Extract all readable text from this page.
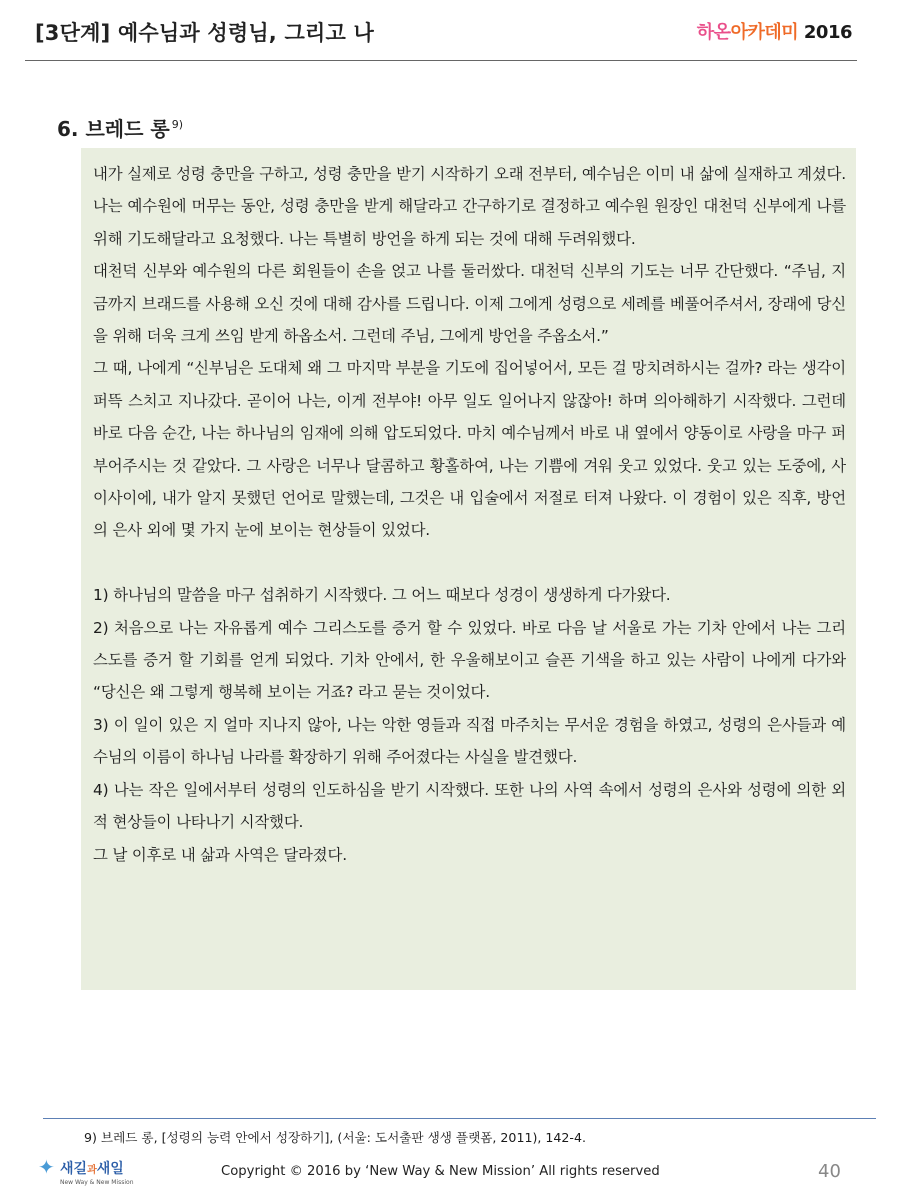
[3단계] 예수님과 성령님, 그리고 나	하온아카데미 2016
6. 브레드 롱 $^{9)}$

내가 실제로 성령 충만을 구하고, 성령 충만을 받기 시작하기 오래 전부터, 예수님은 이미 내 삶에 실재하고 계셨다. 나는 예수원에 머무는 동안, 성령 충만을 받게 해달라고 간구하기로 결정하고 예수원 원장인 대천덕 신부에게 나를 위해 기도해달라고 요청했다. 나는 특별히 방언을 하게 되는 것에 대해 두려워했다.

대천덕 신부와 예수원의 다른 회원들이 손을 얹고 나를 둘러쌌다. 대천덕 신부의 기도는 너무 간단했다. “주님, 지금까지 브래드를 사용해 오신 것에 대해 감사를 드립니다. 이제 그에게 성령으로 세례를 베풀어주셔서, 장래에 당신을 위해 더욱 크게 쓰임 받게 하옵소서. 그런데 주님, 그에게 방언을 주옵소서.”

그 때, 나에게 “신부님은 도대체 왜 그 마지막 부분을 기도에 집어넣어서, 모든 걸 망치려하시는 걸까? 라는 생각이 퍼뜩 스치고 지나갔다. 곧이어 나는, 이게 전부야! 아무 일도 일어나지 않잖아! 하며 의아해하기 시작했다. 그런데 바로 다음 순간, 나는 하나님의 임재에 의해 압도되었다. 마치 예수님께서 바로 내 옆에서 양동이로 사랑을 마구 퍼부어주시는 것 같았다. 그 사랑은 너무나 달콤하고 황홀하여, 나는 기쁨에 겨워 웃고 있었다. 웃고 있는 도중에, 사이사이에, 내가 알지 못했던 언어로 말했는데, 그것은 내 입술에서 저절로 터져 나왔다. 이 경험이 있은 직후, 방언의 은사 외에 몇 가지 눈에 보이는 현상들이 있었다.

1) 하나님의 말씀을 마구 섭취하기 시작했다. 그 어느 때보다 성경이 생생하게 다가왔다.

2) 처음으로 나는 자유롭게 예수 그리스도를 증거 할 수 있었다. 바로 다음 날 서울로 가는 기차 안에서 나는 그리스도를 증거 할 기회를 얻게 되었다. 기차 안에서, 한 우울해보이고 슬픈 기색을 하고 있는 사람이 나에게 다가와 “당신은 왜 그렇게 행복해 보이는 거죠? 라고 묻는 것이었다.

3) 이 일이 있은 지 얼마 지나지 않아, 나는 악한 영들과 직접 마주치는 무서운 경험을 하였고, 성령의 은사들과 예수님의 이름이 하나님 나라를 확장하기 위해 주어졌다는 사실을 발견했다.

4) 나는 작은 일에서부터 성령의 인도하심을 받기 시작했다. 또한 나의 사역 속에서 성령의 은사와 성령에 의한 외적 현상들이 나타나기 시작했다.

그 날 이후로 내 삶과 사역은 달라졌다.

9) 브레드 롱, [성령의 능력 안에서 성장하기], (서울: 도서출판 생생 플랫폼, 2011), 142-4.
✦ 새길과새일
New Way & New Mission
Copyright © 2016 by ‘New Way & New Mission’ All rights reserved	40
